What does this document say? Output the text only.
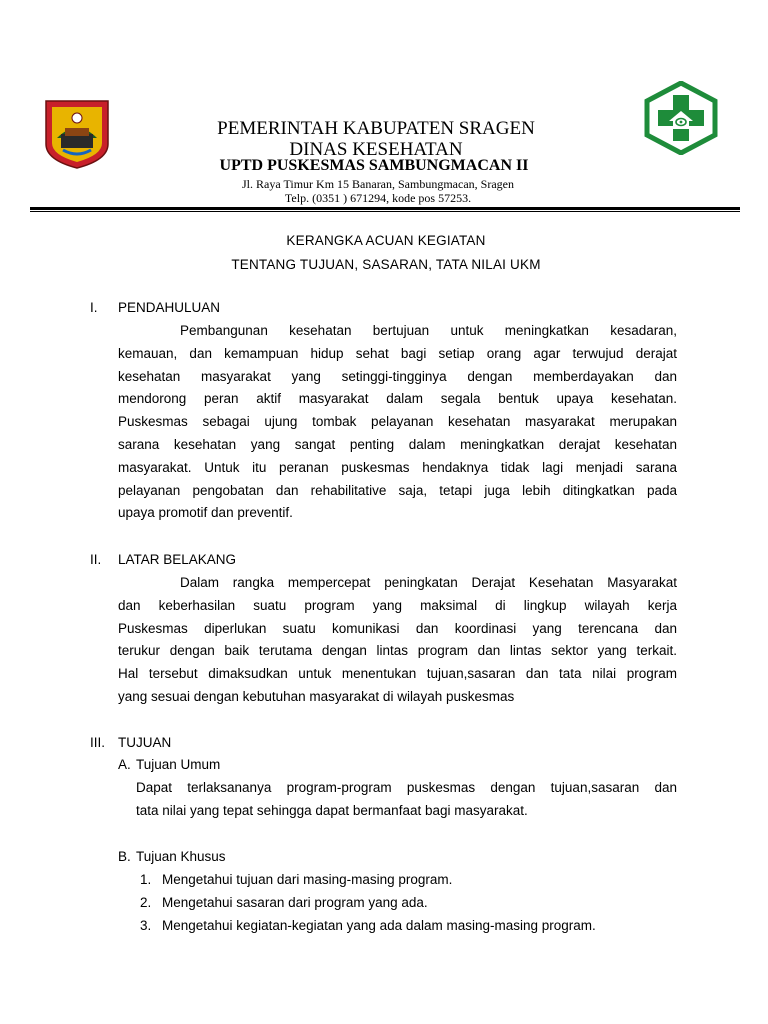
PEMERINTAH KABUPATEN SRAGEN
DINAS KESEHATAN
UPTD PUSKESMAS SAMBUNGMACAN II
Jl. Raya Timur Km 15 Banaran, Sambungmacan, Sragen
Telp. (0351 ) 671294, kode pos 57253.
KERANGKA ACUAN KEGIATAN
TENTANG TUJUAN, SASARAN, TATA NILAI UKM
I. PENDAHULUAN
Pembangunan kesehatan bertujuan untuk meningkatkan kesadaran,
kemauan, dan kemampuan hidup sehat bagi setiap orang agar terwujud derajat
kesehatan masyarakat yang setinggi-tingginya dengan memberdayakan dan
mendorong peran aktif masyarakat dalam segala bentuk upaya kesehatan.
Puskesmas sebagai ujung tombak pelayanan kesehatan masyarakat merupakan
sarana kesehatan yang sangat penting dalam meningkatkan derajat kesehatan
masyarakat. Untuk itu peranan puskesmas hendaknya tidak lagi menjadi sarana
pelayanan pengobatan dan rehabilitative saja, tetapi juga lebih ditingkatkan pada
upaya promotif dan preventif.
II. LATAR BELAKANG
Dalam rangka mempercepat peningkatan Derajat Kesehatan Masyarakat
dan keberhasilan suatu program yang maksimal di lingkup wilayah kerja
Puskesmas diperlukan suatu komunikasi dan koordinasi yang terencana dan
terukur dengan baik terutama dengan lintas program dan lintas sektor yang terkait.
Hal tersebut dimaksudkan untuk menentukan tujuan,sasaran dan tata nilai program
yang sesuai dengan kebutuhan masyarakat di wilayah puskesmas
III. TUJUAN
A. Tujuan Umum
Dapat terlaksananya program-program puskesmas dengan tujuan,sasaran dan
tata nilai yang tepat sehingga dapat bermanfaat bagi masyarakat.
B. Tujuan Khusus
1. Mengetahui tujuan dari masing-masing program.
2. Mengetahui sasaran dari program yang ada.
3. Mengetahui kegiatan-kegiatan yang ada dalam masing-masing program.
